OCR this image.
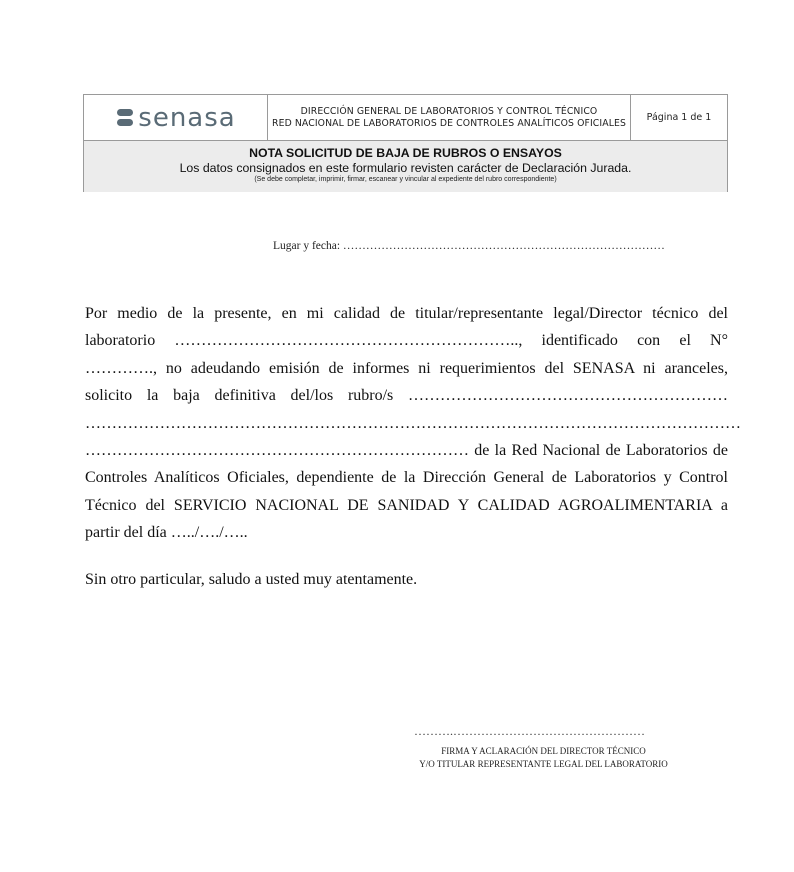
senasa	DIRECCIÓN GENERAL DE LABORATORIOS Y CONTROL TÉCNICO
RED NACIONAL DE LABORATORIOS DE CONTROLES ANALÍTICOS OFICIALES Página 1 de 1
NOTA SOLICITUD DE BAJA DE RUBROS O ENSAYOS
Los datos consignados en este formulario revisten carácter de Declaración Jurada.
(Se debe completar, imprimir, firmar, escanear y vincular al expediente del rubro correspondiente)
Lugar y fecha: …………………………………………………………………………
Por medio de la presente, en mi calidad de titular/representante legal/Director técnico del
laboratorio ……………………………………………………….., identificado con el N°
…………., no adeudando emisión de informes ni requerimientos del SENASA ni aranceles,
solicito la baja definitiva del/los rubro/s ……………………………………………………
……………………………………………………………………………………………………………
……………………………………………………………… de la Red Nacional de Laboratorios de
Controles Analíticos Oficiales, dependiente de la Dirección General de Laboratorios y Control
Técnico del SERVICIO NACIONAL DE SANIDAD Y CALIDAD AGROALIMENTARIA a
partir del día …../…./…..
Sin otro particular, saludo a usted muy atentamente.
……….…………………………………………
FIRMA Y ACLARACIÓN DEL DIRECTOR TÉCNICO
Y/O TITULAR REPRESENTANTE LEGAL DEL LABORATORIO
